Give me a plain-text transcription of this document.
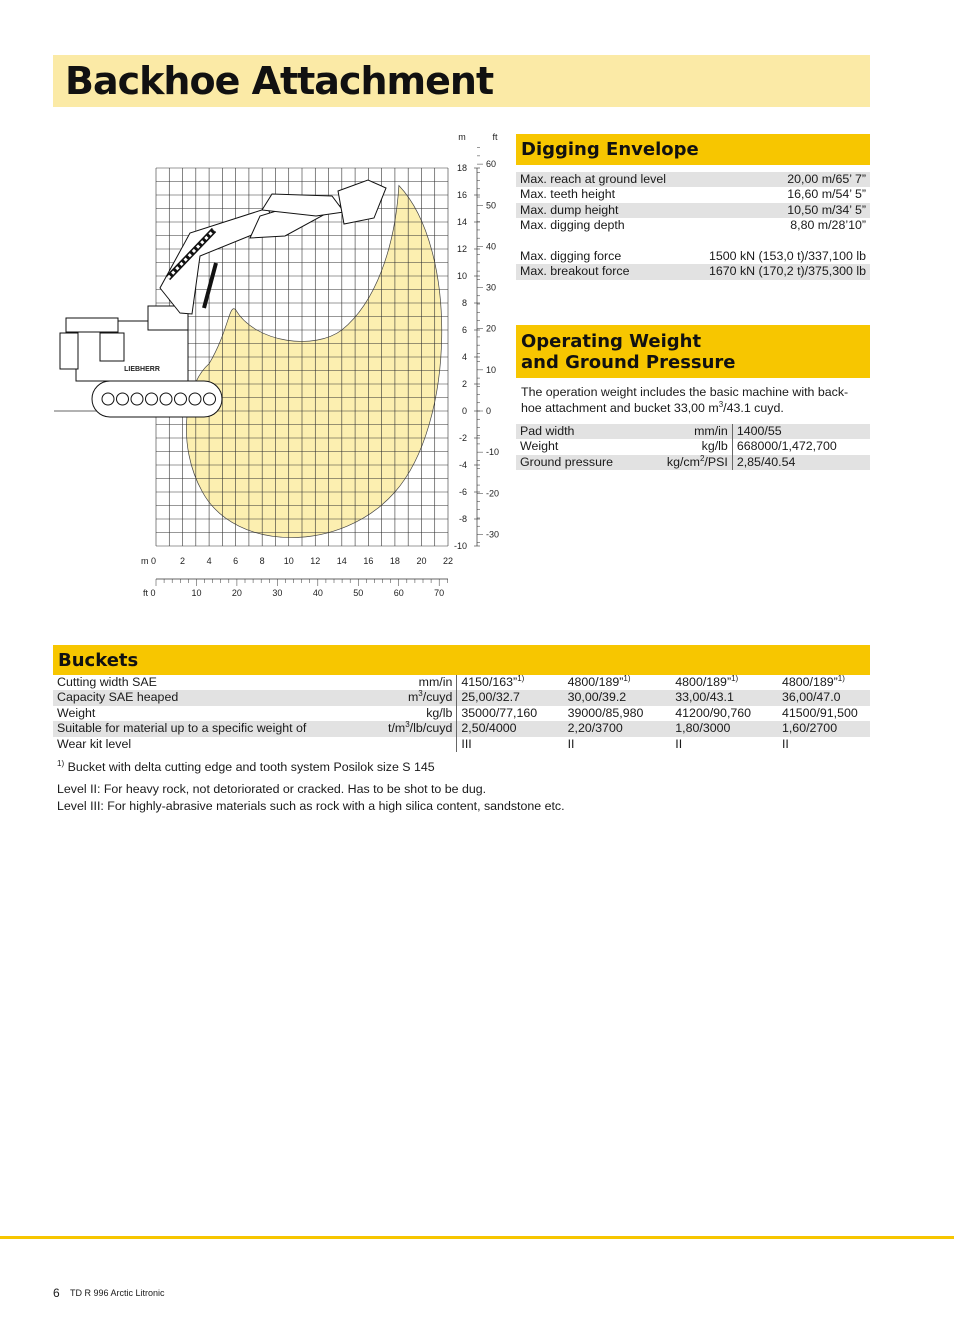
Backhoe Attachment
m	ft
18
16
14
12
10
8
6
4
2
0
-2
-4
-6
-8
-10
60
50
40
30
20
10
0
-10
-20
-30
m 0	2 4 6 8 10 12 14 16 18 20 22
ft 0	10	20	30	40	50	60	70
LIEBHERR
Digging Envelope
Max. reach at ground level	20,00 m/65’ 7”
Max. teeth height	16,60 m/54’ 5”
Max. dump height	10,50 m/34’ 5”
Max. digging depth	8,80 m/28’10”

Max. digging force	1500 kN (153,0 t)/337,100 lb
Max. breakout force	1670 kN (170,2 t)/375,300 lb
Operating Weight
and Ground Pressure
The operation weight includes the basic machine with back-
hoe attachment and bucket 33,00 $m^3/43.1$ cuyd.
Pad width	mm/in	1400/55
Weight	kg/lb	668000/1,472,700
Ground pressure	$kg/cm^2$/PSI	2,85/40.54
Buckets
Cutting width SAE	mm/in	4150/163”$^{1)}$	4800/189”$^{1)}$	4800/189”$^{1)}$	4800/189”$^{1)}$	
Capacity SAE heaped	$m^3$/cuyd	25,00/32.7	30,00/39.2	33,00/43.1	36,00/47.0	
Weight	kg/lb	35000/77,160	39000/85,980	41200/90,760	41500/91,500	
Suitable for material up to a specific weight of	$t/m^3/lb$/cuyd	2,50/4000	2,20/3700	1,80/3000	1,60/2700	
Wear kit level		III	II	II	II	
$^{1)}$ Bucket with delta cutting edge and tooth system Posilok size S 145
Level II: For heavy rock, not detoriorated or cracked. Has to be shot to be dug.
Level III: For highly-abrasive materials such as rock with a high silica content, sandstone etc.
6 TD R 996 Arctic Litronic
